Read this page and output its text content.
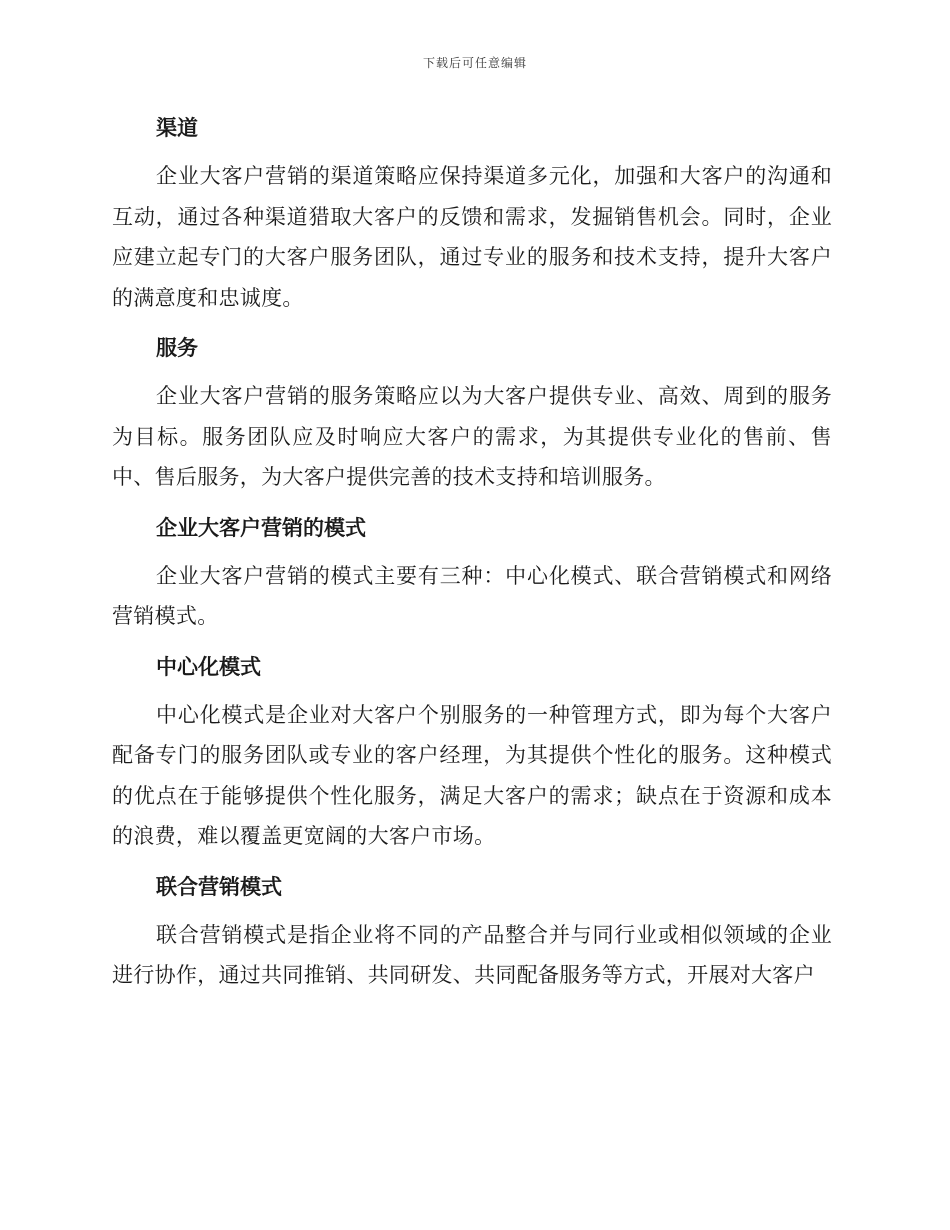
下载后可任意编辑
渠道

企业大客户营销的渠道策略应保持渠道多元化，加强和大客户的沟通和互动，通过各种渠道猎取大客户的反馈和需求，发掘销售机会。同时，企业应建立起专门的大客户服务团队，通过专业的服务和技术支持，提升大客户的满意度和忠诚度。

服务

企业大客户营销的服务策略应以为大客户提供专业、高效、周到的服务为目标。服务团队应及时响应大客户的需求，为其提供专业化的售前、售中、售后服务，为大客户提供完善的技术支持和培训服务。

企业大客户营销的模式

企业大客户营销的模式主要有三种：中心化模式、联合营销模式和网络营销模式。

中心化模式

中心化模式是企业对大客户个别服务的一种管理方式，即为每个大客户配备专门的服务团队或专业的客户经理，为其提供个性化的服务。这种模式的优点在于能够提供个性化服务，满足大客户的需求；缺点在于资源和成本的浪费，难以覆盖更宽阔的大客户市场。

联合营销模式

联合营销模式是指企业将不同的产品整合并与同行业或相似领域的企业进行协作，通过共同推销、共同研发、共同配备服务等方式，开展对大客户
